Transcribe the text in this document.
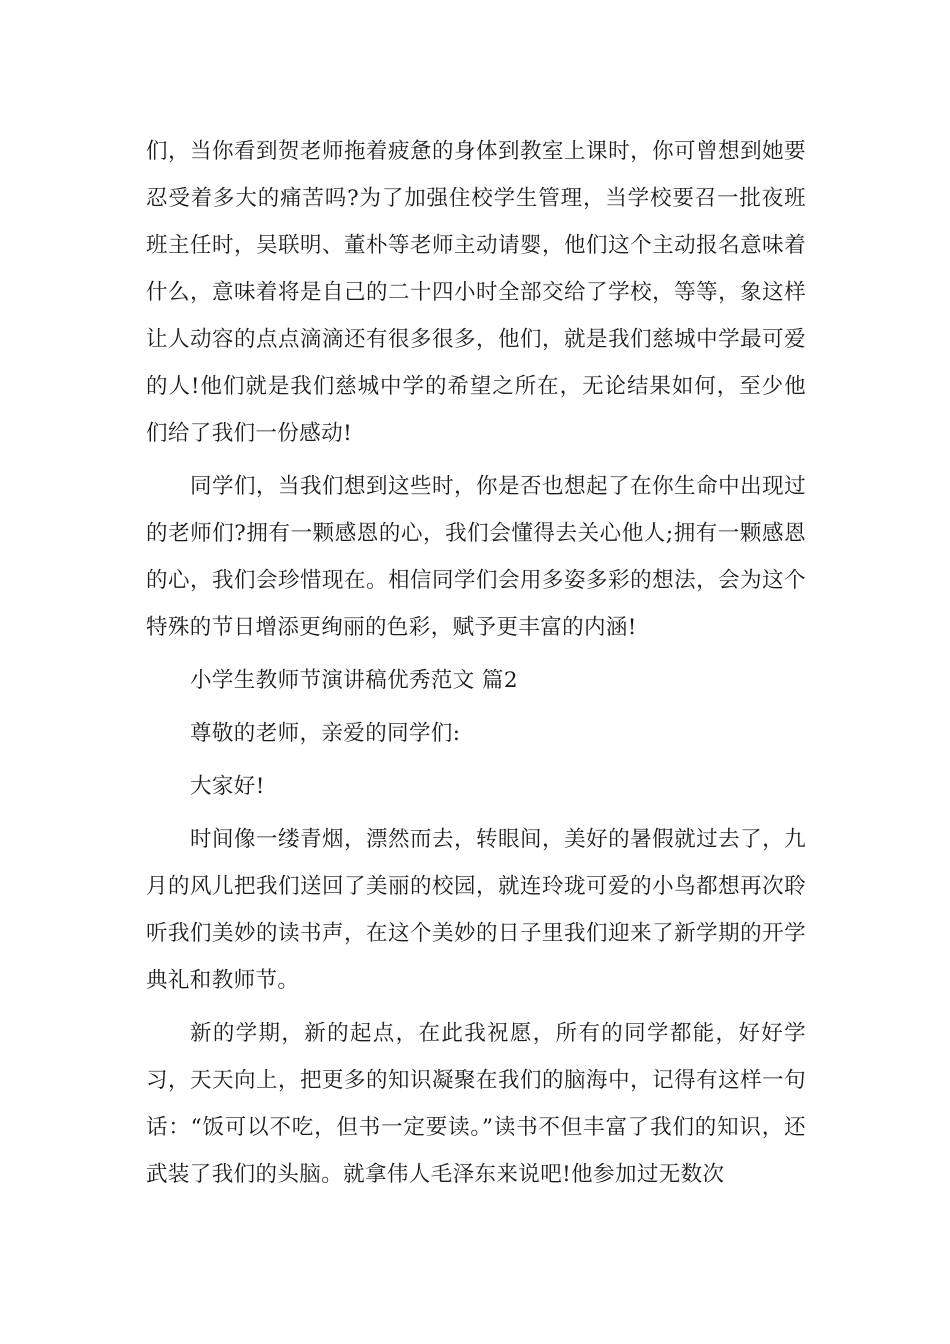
们，当你看到贺老师拖着疲惫的身体到教室上课时，你可曾想到她要忍受着多大的痛苦吗?为了加强住校学生管理，当学校要召一批夜班班主任时，吴联明、董朴等老师主动请婴，他们这个主动报名意味着什么，意味着将是自己的二十四小时全部交给了学校，等等，象这样让人动容的点点滴滴还有很多很多，他们，就是我们慈城中学最可爱的人!他们就是我们慈城中学的希望之所在，无论结果如何，至少他们给了我们一份感动!

同学们，当我们想到这些时，你是否也想起了在你生命中出现过的老师们?拥有一颗感恩的心，我们会懂得去关心他人;拥有一颗感恩的心，我们会珍惜现在。相信同学们会用多姿多彩的想法，会为这个特殊的节日增添更绚丽的色彩，赋予更丰富的内涵!

小学生教师节演讲稿优秀范文 篇2

尊敬的老师，亲爱的同学们:

大家好!

时间像一缕青烟，漂然而去，转眼间，美好的暑假就过去了，九月的风儿把我们送回了美丽的校园，就连玲珑可爱的小鸟都想再次聆听我们美妙的读书声，在这个美妙的日子里我们迎来了新学期的开学典礼和教师节。

新的学期，新的起点，在此我祝愿，所有的同学都能，好好学习，天天向上，把更多的知识凝聚在我们的脑海中，记得有这样一句话：“饭可以不吃，但书一定要读。”读书不但丰富了我们的知识，还武装了我们的头脑。就拿伟人毛泽东来说吧!他参加过无数次
